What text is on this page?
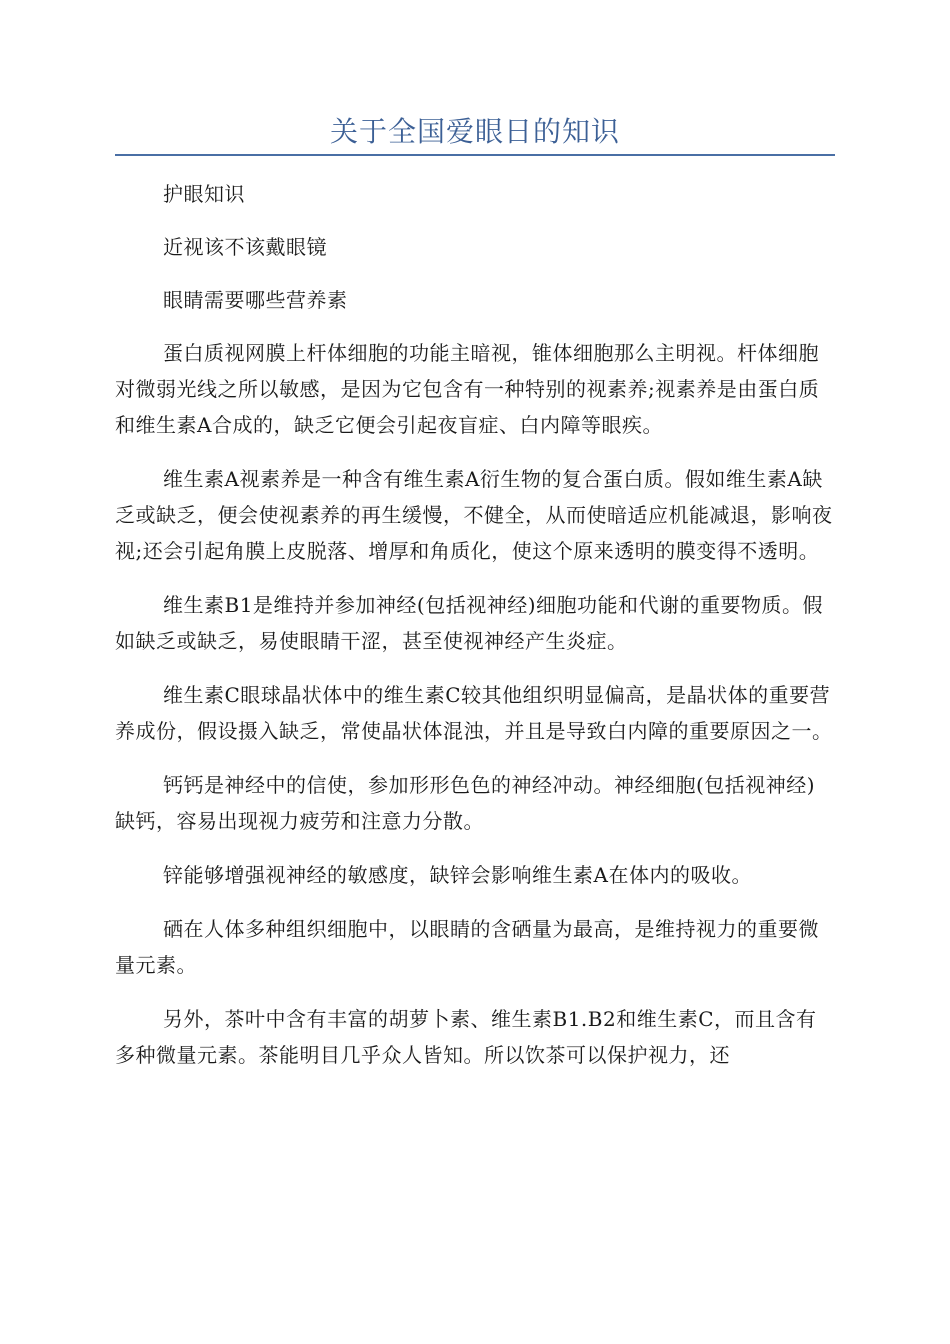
关于全国爱眼日的知识

护眼知识

近视该不该戴眼镜

眼睛需要哪些营养素

蛋白质视网膜上杆体细胞的功能主暗视，锥体细胞那么主明视。杆体细胞对微弱光线之所以敏感，是因为它包含有一种特别的视素养;视素养是由蛋白质和维生素A合成的，缺乏它便会引起夜盲症、白内障等眼疾。

维生素A视素养是一种含有维生素A衍生物的复合蛋白质。假如维生素A缺乏或缺乏，便会使视素养的再生缓慢，不健全，从而使暗适应机能减退，影响夜视;还会引起角膜上皮脱落、增厚和角质化，使这个原来透明的膜变得不透明。

维生素B1是维持并参加神经(包括视神经)细胞功能和代谢的重要物质。假如缺乏或缺乏，易使眼睛干涩，甚至使视神经产生炎症。

维生素C眼球晶状体中的维生素C较其他组织明显偏高，是晶状体的重要营养成份，假设摄入缺乏，常使晶状体混浊，并且是导致白内障的重要原因之一。

钙钙是神经中的信使，参加形形色色的神经冲动。神经细胞(包括视神经)缺钙，容易出现视力疲劳和注意力分散。

锌能够增强视神经的敏感度，缺锌会影响维生素A在体内的吸收。

硒在人体多种组织细胞中，以眼睛的含硒量为最高，是维持视力的重要微量元素。

另外，茶叶中含有丰富的胡萝卜素、维生素B1.B2和维生素C，而且含有多种微量元素。茶能明目几乎众人皆知。所以饮茶可以保护视力，还
